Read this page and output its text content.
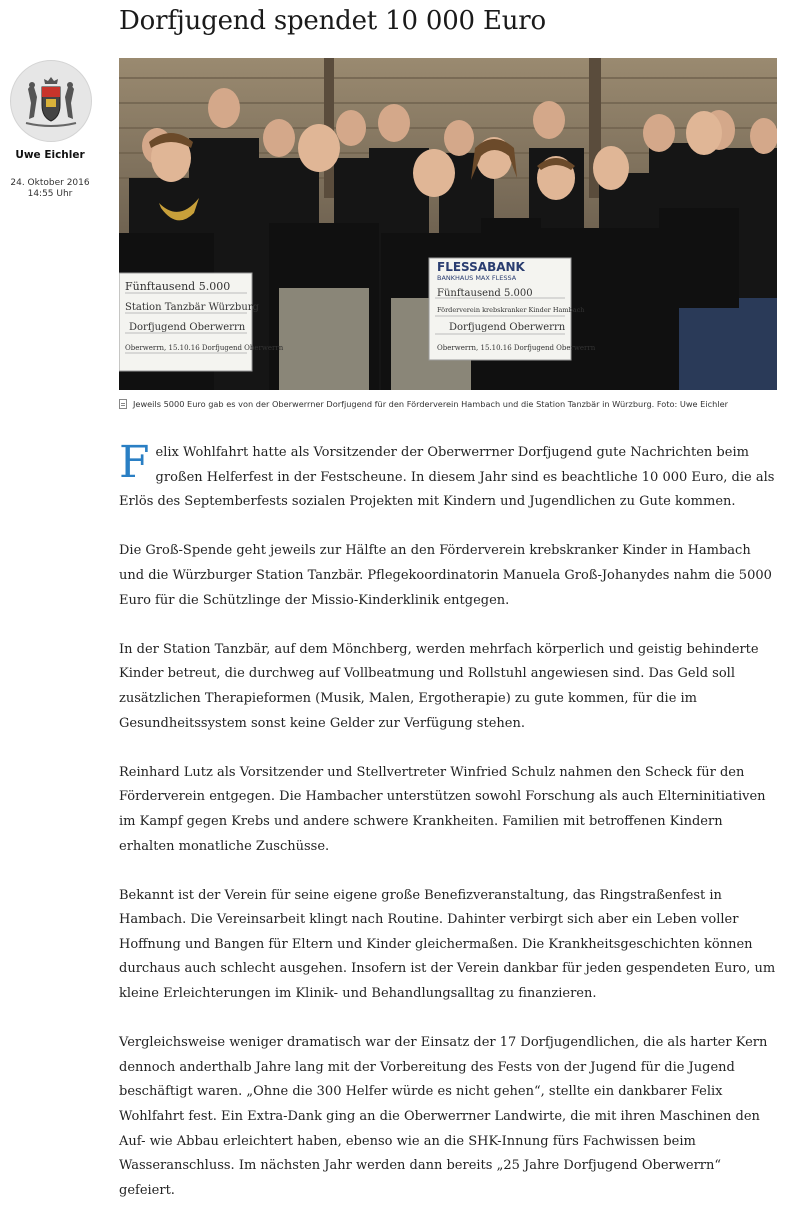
Uwe Eichler
24. Oktober 2016
14:55 Uhr
Dorfjugend spendet 10 000 Euro
Fünftausend 5.000
Station Tanzbär Würzburg
Dorfjugend Oberwerrn
Oberwerrn, 15.10.16 Dorfjugend Oberwerrn
FLESSABANK
BANKHAUS MAX FLESSA
Fünftausend 5.000
Förderverein krebskranker Kinder Hambach
Dorfjugend Oberwerrn
Oberwerrn, 15.10.16 Dorfjugend Oberwerrn
Jeweils 5000 Euro gab es von der Oberwerrner Dorfjugend für den Förderverein Hambach und die Station Tanzbär in Würzburg. Foto: Uwe Eichler

Felix Wohlfahrt hatte als Vorsitzender der Oberwerrner Dorfjugend gute Nachrichten beim großen Helferfest in der Festscheune. In diesem Jahr sind es beachtliche 10 000 Euro, die als Erlös des Septemberfests sozialen Projekten mit Kindern und Jugendlichen zu Gute kommen.

Die Groß-Spende geht jeweils zur Hälfte an den Förderverein krebskranker Kinder in Hambach und die Würzburger Station Tanzbär. Pflegekoordinatorin Manuela Groß-Johanydes nahm die 5000 Euro für die Schützlinge der Missio-Kinderklinik entgegen.

In der Station Tanzbär, auf dem Mönchberg, werden mehrfach körperlich und geistig behinderte Kinder betreut, die durchweg auf Vollbeatmung und Rollstuhl angewiesen sind. Das Geld soll zusätzlichen Therapieformen (Musik, Malen, Ergotherapie) zu gute kommen, für die im Gesundheitssystem sonst keine Gelder zur Verfügung stehen.

Reinhard Lutz als Vorsitzender und Stellvertreter Winfried Schulz nahmen den Scheck für den Förderverein entgegen. Die Hambacher unterstützen sowohl Forschung als auch Elterninitiativen im Kampf gegen Krebs und andere schwere Krankheiten. Familien mit betroffenen Kindern erhalten monatliche Zuschüsse.

Bekannt ist der Verein für seine eigene große Benefizveranstaltung, das Ringstraßenfest in Hambach. Die Vereinsarbeit klingt nach Routine. Dahinter verbirgt sich aber ein Leben voller Hoffnung und Bangen für Eltern und Kinder gleichermaßen. Die Krankheitsgeschichten können durchaus auch schlecht ausgehen. Insofern ist der Verein dankbar für jeden gespendeten Euro, um kleine Erleichterungen im Klinik- und Behandlungsalltag zu finanzieren.

Vergleichsweise weniger dramatisch war der Einsatz der 17 Dorfjugendlichen, die als harter Kern dennoch anderthalb Jahre lang mit der Vorbereitung des Fests von der Jugend für die Jugend beschäftigt waren. „Ohne die 300 Helfer würde es nicht gehen“, stellte ein dankbarer Felix Wohlfahrt fest. Ein Extra-Dank ging an die Oberwerrner Landwirte, die mit ihren Maschinen den Auf- wie Abbau erleichtert haben, ebenso wie an die SHK-Innung fürs Fachwissen beim Wasseranschluss. Im nächsten Jahr werden dann bereits „25 Jahre Dorfjugend Oberwerrn“ gefeiert.
